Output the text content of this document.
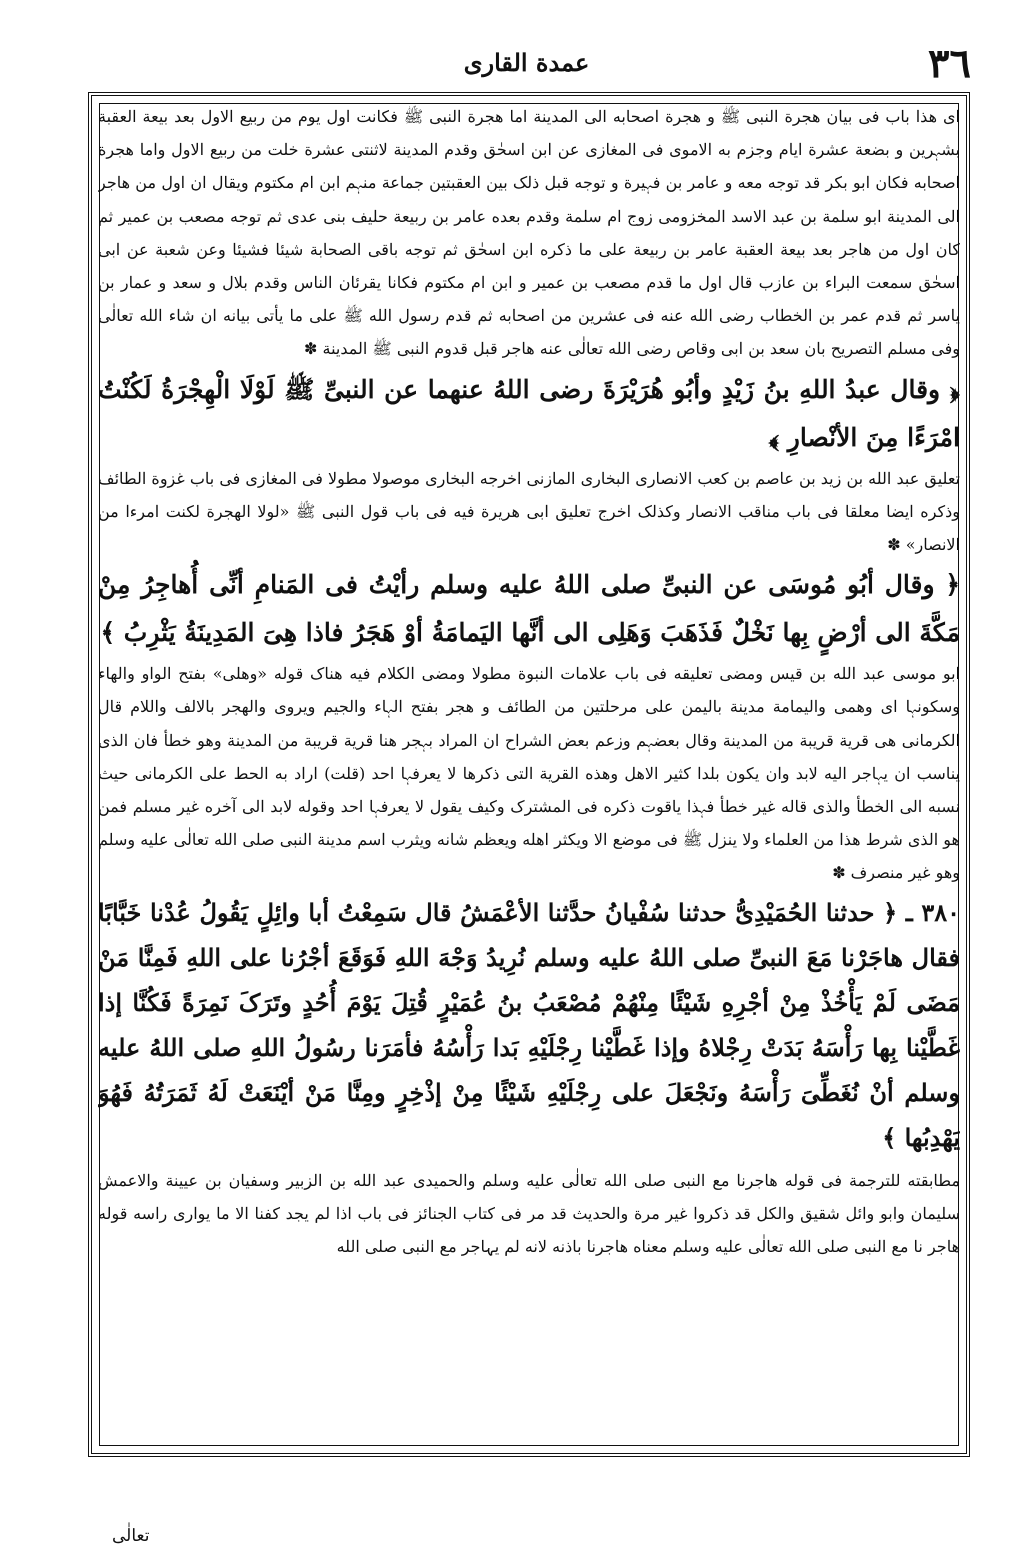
٣٦
عمدة القاری

ای ھذا باب فی بیان ھجرة النبی ﷺ و ھجرة اصحابه الی المدینة اما ھجرة النبی ﷺ فکانت اول یوم من ربیع الاول بعد بیعة العقبة بشہرین و بضعة عشرة ایام وجزم به الاموی فی المغازی عن ابن اسحٰق وقدم المدینة لاثنتی عشرة خلت من ربیع الاول واما ھجرة اصحابه فکان ابو بکر قد توجه معه و عامر بن فہیرة و توجه قبل ذلک بین العقبتین جماعة منہم ابن ام مکتوم ویقال ان اول من ھاجر الی المدینة ابو سلمة بن عبد الاسد المخزومی زوج ام سلمة وقدم بعده عامر بن ربیعة حلیف بنی عدی ثم توجه مصعب بن عمیر ثم کان اول من ھاجر بعد بیعة العقبة عامر بن ربیعة علی ما ذکره ابن اسحٰق ثم توجه باقی الصحابة شیئا فشیئا وعن شعبة عن ابی اسحٰق سمعت البراء بن عازب قال اول ما قدم مصعب بن عمیر و ابن ام مکتوم فکانا یقرئان الناس وقدم بلال و سعد و عمار بن یاسر ثم قدم عمر بن الخطاب رضی الله عنه فی عشرین من اصحابه ثم قدم رسول الله ﷺ علی ما یأتی بیانه ان شاء الله تعالٰی وفی مسلم التصریح بان سعد بن ابی وقاص رضی الله تعالٰی عنه ھاجر قبل قدوم النبی ﷺ المدینة ✽

﴿ وقال عبدُ اللهِ بنُ زَیْدٍ وأبُو ھُرَیْرَةَ رضی اللهُ عنهما عن النبیِّ ﷺ لَوْلَا الْھِجْرَةُ لَکُنْتُ امْرَءًا مِنَ الأنْصارِ ﴾

تعلیق عبد الله بن زید بن عاصم بن کعب الانصاری البخاری المازنی اخرجه البخاری موصولا مطولا فی المغازی فی باب غزوة الطائف وذکره ایضا معلقا فی باب مناقب الانصار وکذلک اخرج تعلیق ابی ھریرة فیه فی باب قول النبی ﷺ «لولا الھجرة لکنت امرءا من الانصار» ✽

﴿ وقال أبُو مُوسَی عن النبیِّ صلی اللهُ علیه وسلم رأیْتُ فی المَنامِ أنِّی أُھاجِرُ مِنْ مَکَّةَ الی أرْضٍ بِها نَخْلٌ فَذَھَبَ وَھَلِی الی أنَّها الیَمامَةُ أوْ ھَجَرُ فاذا ھِیَ المَدِینَةُ یَثْرِبُ ﴾

ابو موسی عبد الله بن قیس ومضی تعلیقه فی باب علامات النبوة مطولا ومضی الکلام فیه ھناک قوله «وھلی» بفتح الواو والھاء وسکونہا ای وھمی والیمامة مدینة بالیمن علی مرحلتین من الطائف و ھجر بفتح الہاء والجیم ویروی والھجر بالالف واللام قال الکرمانی ھی قریة قریبة من المدینة وقال بعضہم وزعم بعض الشراح ان المراد بہجر ھنا قریة قریبة من المدینة وھو خطأ فان الذی یناسب ان یہاجر الیه لابد وان یکون بلدا کثیر الاھل وھذه القریة التی ذکرھا لا یعرفہا احد (قلت) اراد به الحط علی الکرمانی حیث نسبه الی الخطأ والذی قاله غیر خطأ فہذا یاقوت ذکره فی المشترک وکیف یقول لا یعرفہا احد وقوله لابد الی آخره غیر مسلم فمن ھو الذی شرط ھذا من العلماء ولا ینزل ﷺ فی موضع الا ویکثر اھله ویعظم شانه ویثرب اسم مدینة النبی صلی الله تعالٰی علیه وسلم وھو غیر منصرف ✽

٣٨٠ ـ ﴿ حدثنا الحُمَیْدِیُّ حدثنا سُفْیانُ حدَّثنا الأعْمَشُ قال سَمِعْتُ أبا وائِلٍ یَقُولُ عُدْنا خَبَّابًا فقال ھاجَرْنا مَعَ النبیِّ صلی اللهُ علیه وسلم نُرِیدُ وَجْهَ اللهِ فَوَقَعَ أجْرُنا علی اللهِ فَمِنَّا مَنْ مَضَی لَمْ یَأْخُذْ مِنْ أجْرِهِ شَیْئًا مِنْهُمْ مُصْعَبُ بنُ عُمَیْرٍ قُتِلَ یَوْمَ أُحُدٍ وتَرَکَ نَمِرَةً فَکُنَّا إذا غَطَّیْنا بِها رَأْسَهُ بَدَتْ رِجْلاهُ وإذا غَطَّیْنا رِجْلَیْهِ بَدا رَأْسُهُ فأمَرَنا رسُولُ اللهِ صلی اللهُ علیه وسلم أنْ نُغَطِّیَ رَأْسَهُ ونَجْعَلَ علی رِجْلَیْهِ شَیْئًا مِنْ إذْخِرٍ ومِنَّا مَنْ أیْنَعَتْ لَهُ ثَمَرَتُهُ فَھُوَ یَھْدِبُها ﴾

مطابقته للترجمة فی قوله ھاجرنا مع النبی صلی الله تعالٰی علیه وسلم والحمیدی عبد الله بن الزبیر وسفیان بن عیینة والاعمش سلیمان وابو وائل شقیق والکل قد ذکروا غیر مرة والحدیث قد مر فی کتاب الجنائز فی باب اذا لم یجد کفنا الا ما یواری راسه قوله ھاجر نا مع النبی صلی الله تعالٰی علیه وسلم معناه ھاجرنا باذنه لانه لم یہاجر مع النبی صلی الله

تعالٰی
